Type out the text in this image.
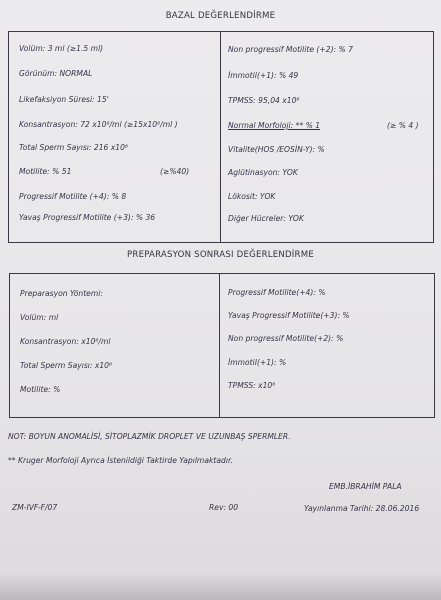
BAZAL DEĞERLENDİRME
Volüm: 3 ml (≥1.5 ml)
Görünüm: NORMAL
Likefaksiyon Süresi: 15'
Konsantrasyon: 72 x10⁶/ml (≥15x10⁶/ml )
Total Sperm Sayısı: 216 x10⁶
Motilite: % 51	(≥%40)
Progressif Motilite (+4): % 8
Yavaş Progressif Motilite (+3): % 36
Non progressif Motilite (+2): % 7
İmmotil(+1): % 49
TPMSS: 95,04 x10⁶
Normal Morfoloji: ** % 1	(≥ % 4 )
Vitalite(HOS /EOSİN-Y): %
Aglütinasyon: YOK
Lökosit: YOK
Diğer Hücreler: YOK
PREPARASYON SONRASI DEĞERLENDİRME
Preparasyon Yöntemi:
Volüm: ml
Konsantrasyon: x10⁶/ml
Total Sperm Sayısı: x10⁶
Motilite: %
Progressif Motilite(+4): %
Yavaş Progressif Motilite(+3): %
Non progressif Motilite(+2): %
İmmotil(+1): %
TPMSS: x10⁶
NOT: BOYUN ANOMALİSİ, SİTOPLAZMİK DROPLET VE UZUNBAŞ SPERMLER.
** Kruger Morfoloji Ayrıca İstenildiği Taktirde Yapılmaktadır.
EMB.İBRAHİM PALA
ZM-IVF-F/07	Rev: 00	Yayınlanma Tarihi: 28.06.2016
